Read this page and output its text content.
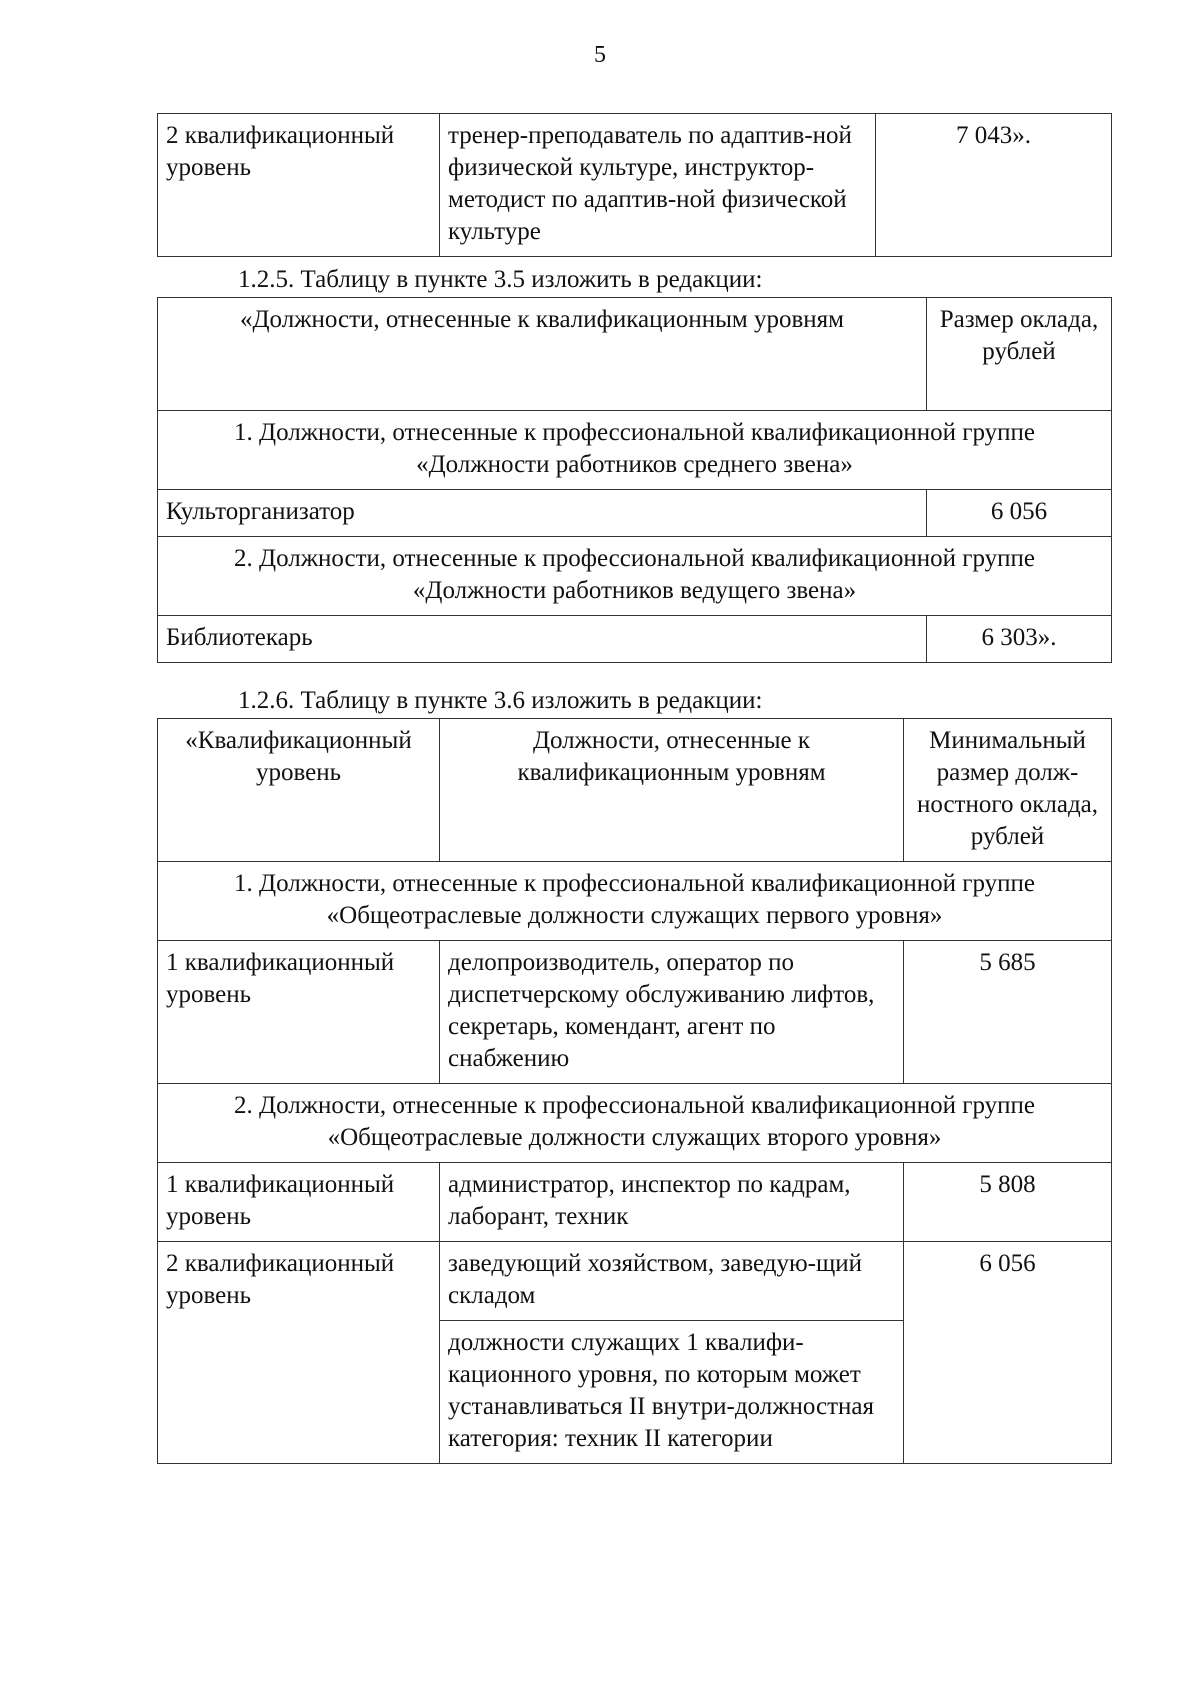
5
2 квалификационный уровень	тренер-преподаватель по адаптив-ной физической культуре, инструктор-методист по адаптив-ной физической культуре	7 043».
1.2.5. Таблицу в пункте 3.5 изложить в редакции:
«Должности, отнесенные к квалификационным уровням	Размер оклада, рублей
1. Должности, отнесенные к профессиональной квалификационной группе «Должности работников среднего звена»	
Культорганизатор	6 056
2. Должности, отнесенные к профессиональной квалификационной группе «Должности работников ведущего звена»	
Библиотекарь	6 303».
1.2.6. Таблицу в пункте 3.6 изложить в редакции:
«Квалификационный уровень	Должности, отнесенные к квалификационным уровням	Минимальный размер долж-ностного оклада, рублей
1. Должности, отнесенные к профессиональной квалификационной группе «Общеотраслевые должности служащих первого уровня»		
1 квалификационный уровень	делопроизводитель, оператор по диспетчерскому обслуживанию лифтов, секретарь, комендант, агент по снабжению	5 685
2. Должности, отнесенные к профессиональной квалификационной группе «Общеотраслевые должности служащих второго уровня»		
1 квалификационный уровень	администратор, инспектор по кадрам, лаборант, техник	5 808
2 квалификационный уровень	заведующий хозяйством, заведую-щий складом	6 056
	должности служащих 1 квалифи-кационного уровня, по которым может устанавливаться II внутри-должностная категория: техник II категории	
